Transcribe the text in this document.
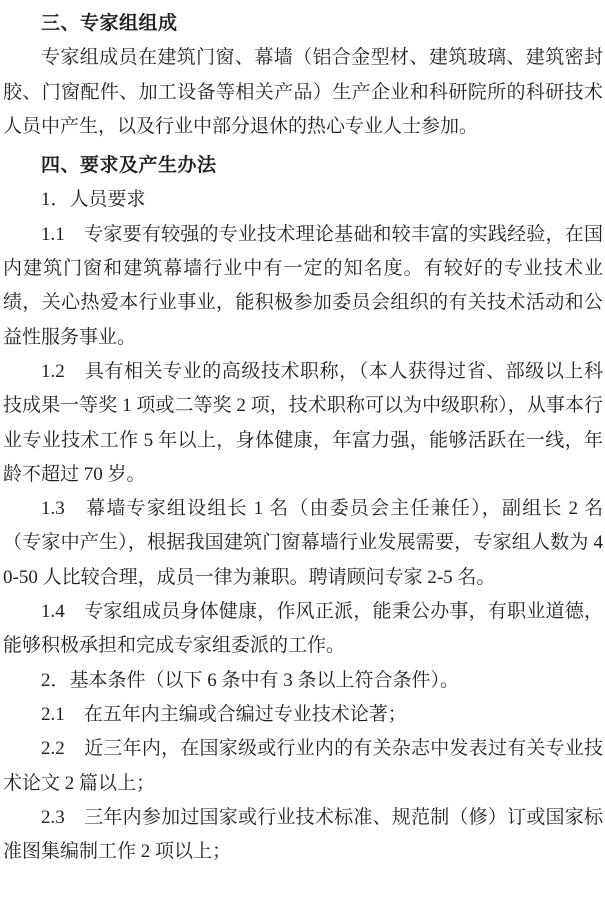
三、专家组组成

专家组成员在建筑门窗、幕墙（铝合金型材、建筑玻璃、建筑密封胶、门窗配件、加工设备等相关产品）生产企业和科研院所的科研技术人员中产生，以及行业中部分退休的热心专业人士参加。

四、要求及产生办法

1．人员要求

1.1　专家要有较强的专业技术理论基础和较丰富的实践经验，在国内建筑门窗和建筑幕墙行业中有一定的知名度。有较好的专业技术业绩，关心热爱本行业事业，能积极参加委员会组织的有关技术活动和公益性服务事业。

1.2　具有相关专业的高级技术职称，（本人获得过省、部级以上科技成果一等奖 1 项或二等奖 2 项，技术职称可以为中级职称），从事本行业专业技术工作 5 年以上，身体健康，年富力强，能够活跃在一线，年龄不超过 70 岁。

1.3　幕墙专家组设组长 1 名（由委员会主任兼任），副组长 2 名（专家中产生），根据我国建筑门窗幕墙行业发展需要，专家组人数为 40-50 人比较合理，成员一律为兼职。聘请顾问专家 2-5 名。

1.4　专家组成员身体健康，作风正派，能秉公办事，有职业道德，能够积极承担和完成专家组委派的工作。

2．基本条件（以下 6 条中有 3 条以上符合条件）。

2.1　在五年内主编或合编过专业技术论著；

2.2　近三年内，在国家级或行业内的有关杂志中发表过有关专业技术论文 2 篇以上；

2.3　三年内参加过国家或行业技术标准、规范制（修）订或国家标准图集编制工作 2 项以上；
